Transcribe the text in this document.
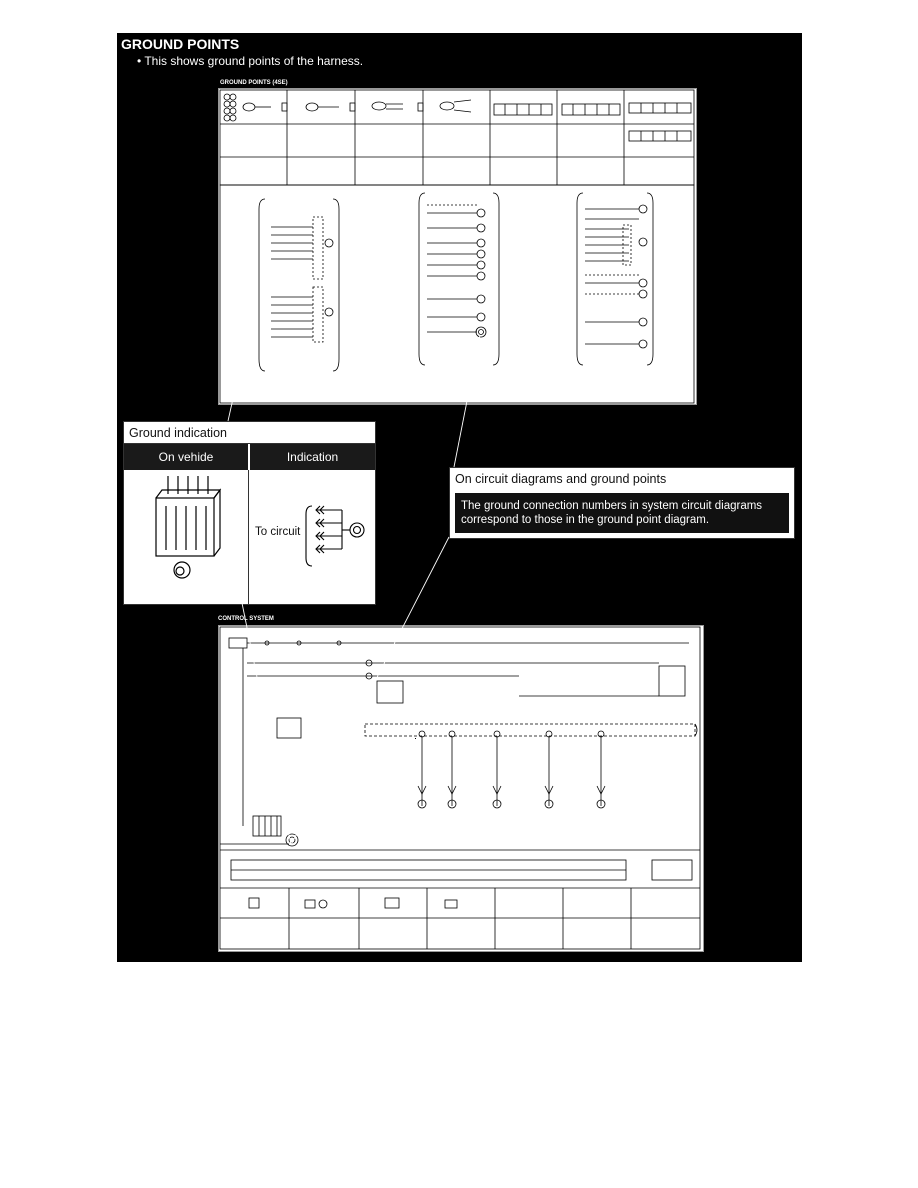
GROUND POINTS
• This shows ground points of the harness.
GROUND POINTS (4SE)
Ground indication
On vehide	Indication
To circuit
On circuit diagrams and ground points
The ground connection numbers in system circuit diagrams correspond to those in the ground point diagram.
CONTROL SYSTEM
